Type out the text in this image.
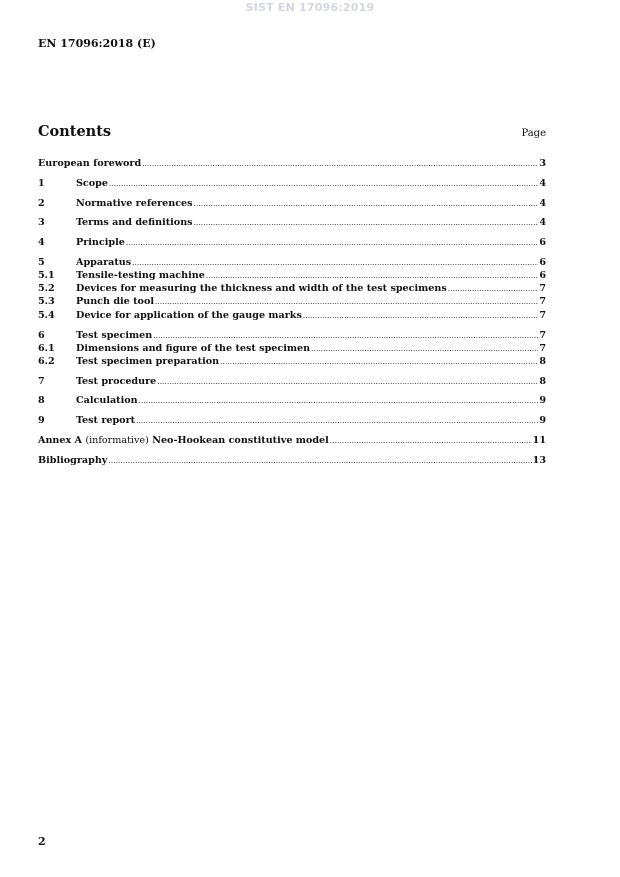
SIST EN 17096:2019
EN 17096:2018 (E)
Contents	Page
European foreword .....	3
1	Scope .....	4
2	Normative references .....	4
3	Terms and definitions .....	4
4	Principle .....	6
5	Apparatus .....	6
5.1	Tensile-testing machine .....	6
5.2	Devices for measuring the thickness and width of the test specimens .....	7
5.3	Punch die tool .....	7
5.4	Device for application of the gauge marks .....	7
6	Test specimen .....	7
6.1	Dimensions and figure of the test specimen .....	7
6.2	Test specimen preparation .....	8
7	Test procedure .....	8
8	Calculation .....	9
9	Test report .....	9
Annex A (informative) Neo-Hookean constitutive model .....	11
Bibliography .....	13
2
